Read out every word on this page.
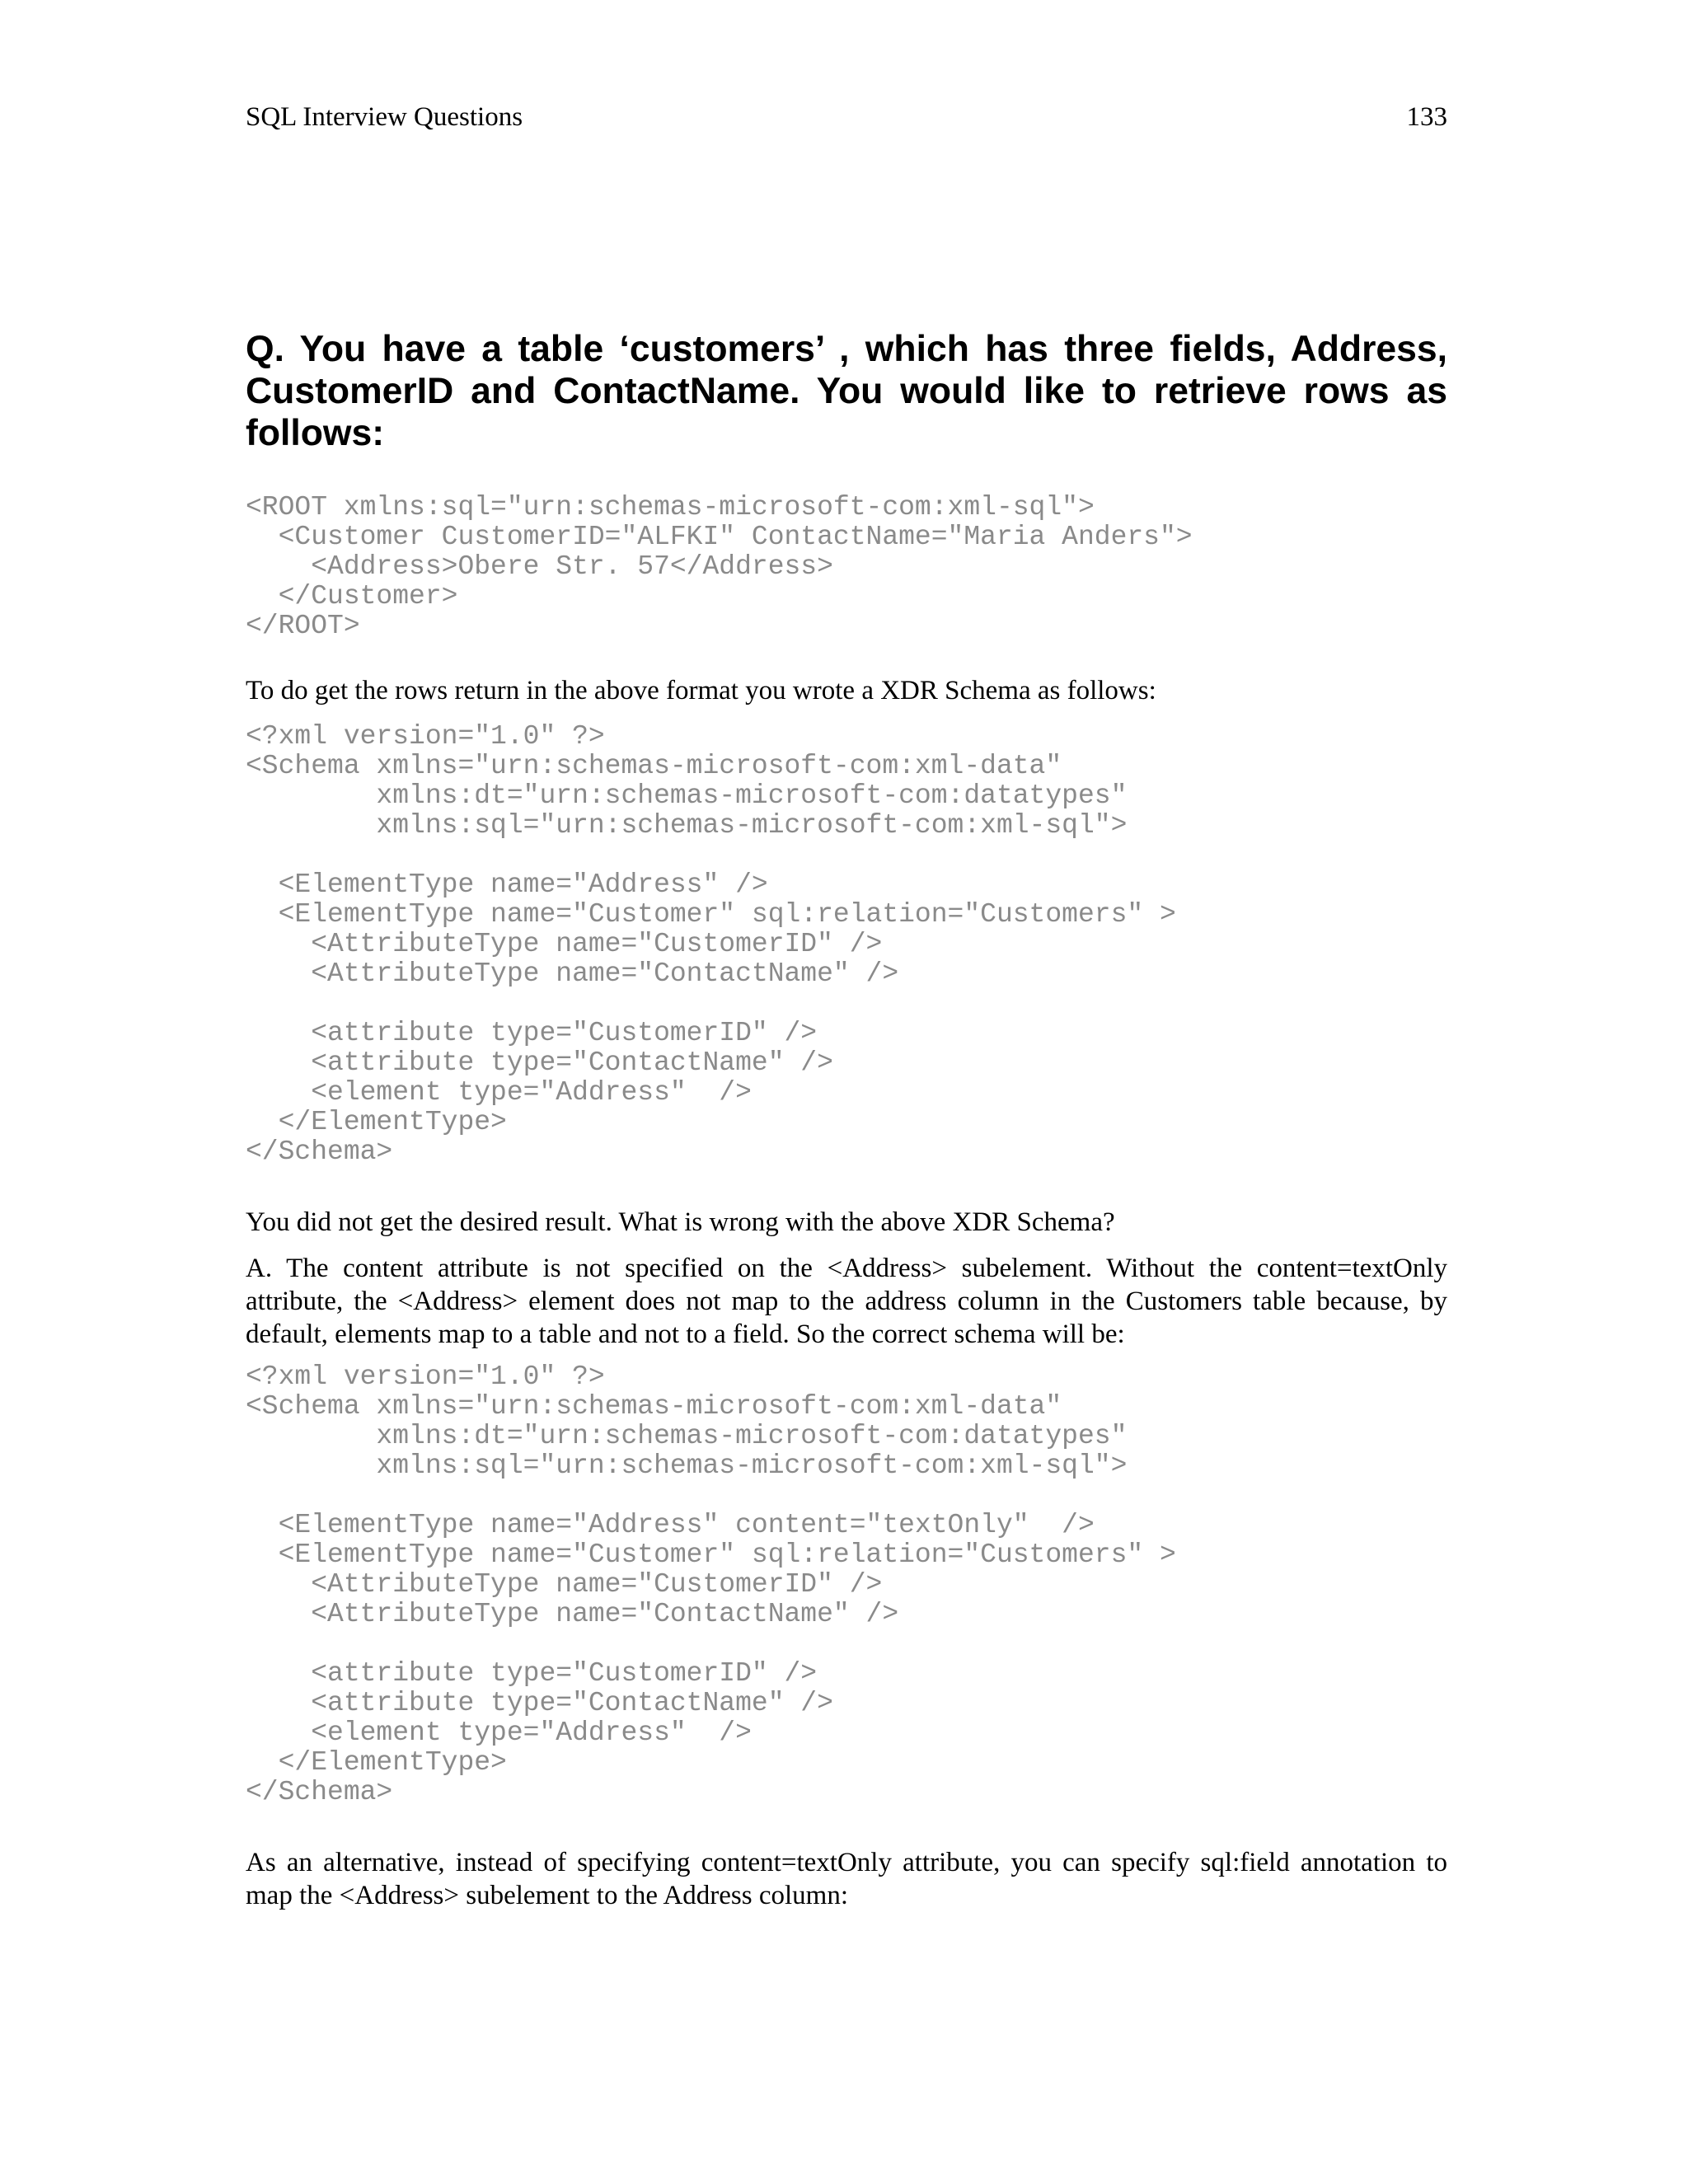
SQL Interview Questions	133

Q. You have a table ‘customers’ , which has three fields, Address, CustomerID and ContactName. You would like to retrieve rows as follows:

<ROOT xmlns:sql="urn:schemas-microsoft-com:xml-sql">
<Customer CustomerID="ALFKI" ContactName="Maria Anders">
<Address>Obere Str. 57</Address>
</Customer>
</ROOT>

To do get the rows return in the above format you wrote a XDR Schema as follows:

<?xml version="1.0" ?>
<Schema xmlns="urn:schemas-microsoft-com:xml-data"
xmlns:dt="urn:schemas-microsoft-com:datatypes"
xmlns:sql="urn:schemas-microsoft-com:xml-sql">

<ElementType name="Address" />
<ElementType name="Customer" sql:relation="Customers" >
<AttributeType name="CustomerID" />
<AttributeType name="ContactName" />

<attribute type="CustomerID" />
<attribute type="ContactName" />
<element type="Address"  />
</ElementType>
</Schema>

You did not get the desired result. What is wrong with the above XDR Schema?

A. The content attribute is not specified on the <Address> subelement. Without the content=textOnly attribute, the <Address> element does not map to the address column in the Customers table because, by default, elements map to a table and not to a field. So the correct schema will be:

<?xml version="1.0" ?>
<Schema xmlns="urn:schemas-microsoft-com:xml-data"
xmlns:dt="urn:schemas-microsoft-com:datatypes"
xmlns:sql="urn:schemas-microsoft-com:xml-sql">

<ElementType name="Address" content="textOnly"  />
<ElementType name="Customer" sql:relation="Customers" >
<AttributeType name="CustomerID" />
<AttributeType name="ContactName" />

<attribute type="CustomerID" />
<attribute type="ContactName" />
<element type="Address"  />
</ElementType>
</Schema>

As an alternative, instead of specifying content=textOnly attribute, you can specify sql:field annotation to map the <Address> subelement to the Address column:
